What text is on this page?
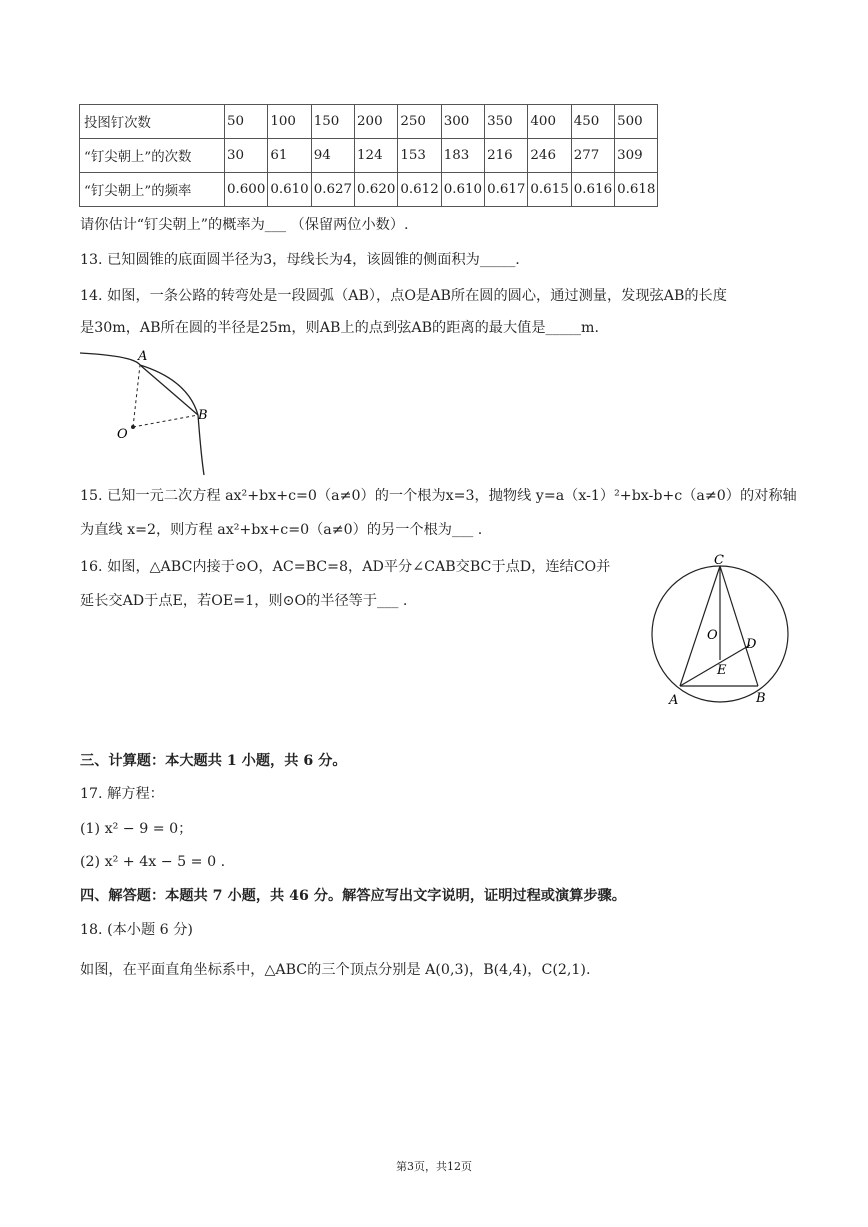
投图钉次数	50	100	150	200	250	300	350	400	450	500
“钉尖朝上”的次数	30	61	94	124	153	183	216	246	277	309
“钉尖朝上”的频率	0.600	0.610	0.627	0.620	0.612	0.610	0.617	0.615	0.616	0.618
请你估计“钉尖朝上”的概率为___ （保留两位小数）.
13. 已知圆锥的底面圆半径为3，母线长为4，该圆锥的侧面积为_____.
14. 如图，一条公路的转弯处是一段圆弧（AB），点O是AB所在圆的圆心，通过测量，发现弦AB的长度
是30m，AB所在圆的半径是25m，则AB上的点到弦AB的距离的最大值是_____m.
A
B
O
15. 已知一元二次方程 ax²+bx+c=0（a≠0）的一个根为x=3，抛物线 y=a（x-1）²+bx-b+c（a≠0）的对称轴
为直线 x=2，则方程 ax²+bx+c=0（a≠0）的另一个根为___ .
16. 如图，△ABC内接于⊙O，AC=BC=8，AD平分∠CAB交BC于点D，连结CO并
延长交AD于点E，若OE=1，则⊙O的半径等于___ .
C
O
D
E
A	B
三、计算题：本大题共 1 小题，共 6 分。
17. 解方程：
(1) x² − 9 = 0；
(2) x² + 4x − 5 = 0 .
四、解答题：本题共 7 小题，共 46 分。解答应写出文字说明，证明过程或演算步骤。
18. (本小题 6 分)
如图，在平面直角坐标系中，△ABC的三个顶点分别是 A(0,3)，B(4,4)，C(2,1).
第3页，共12页
